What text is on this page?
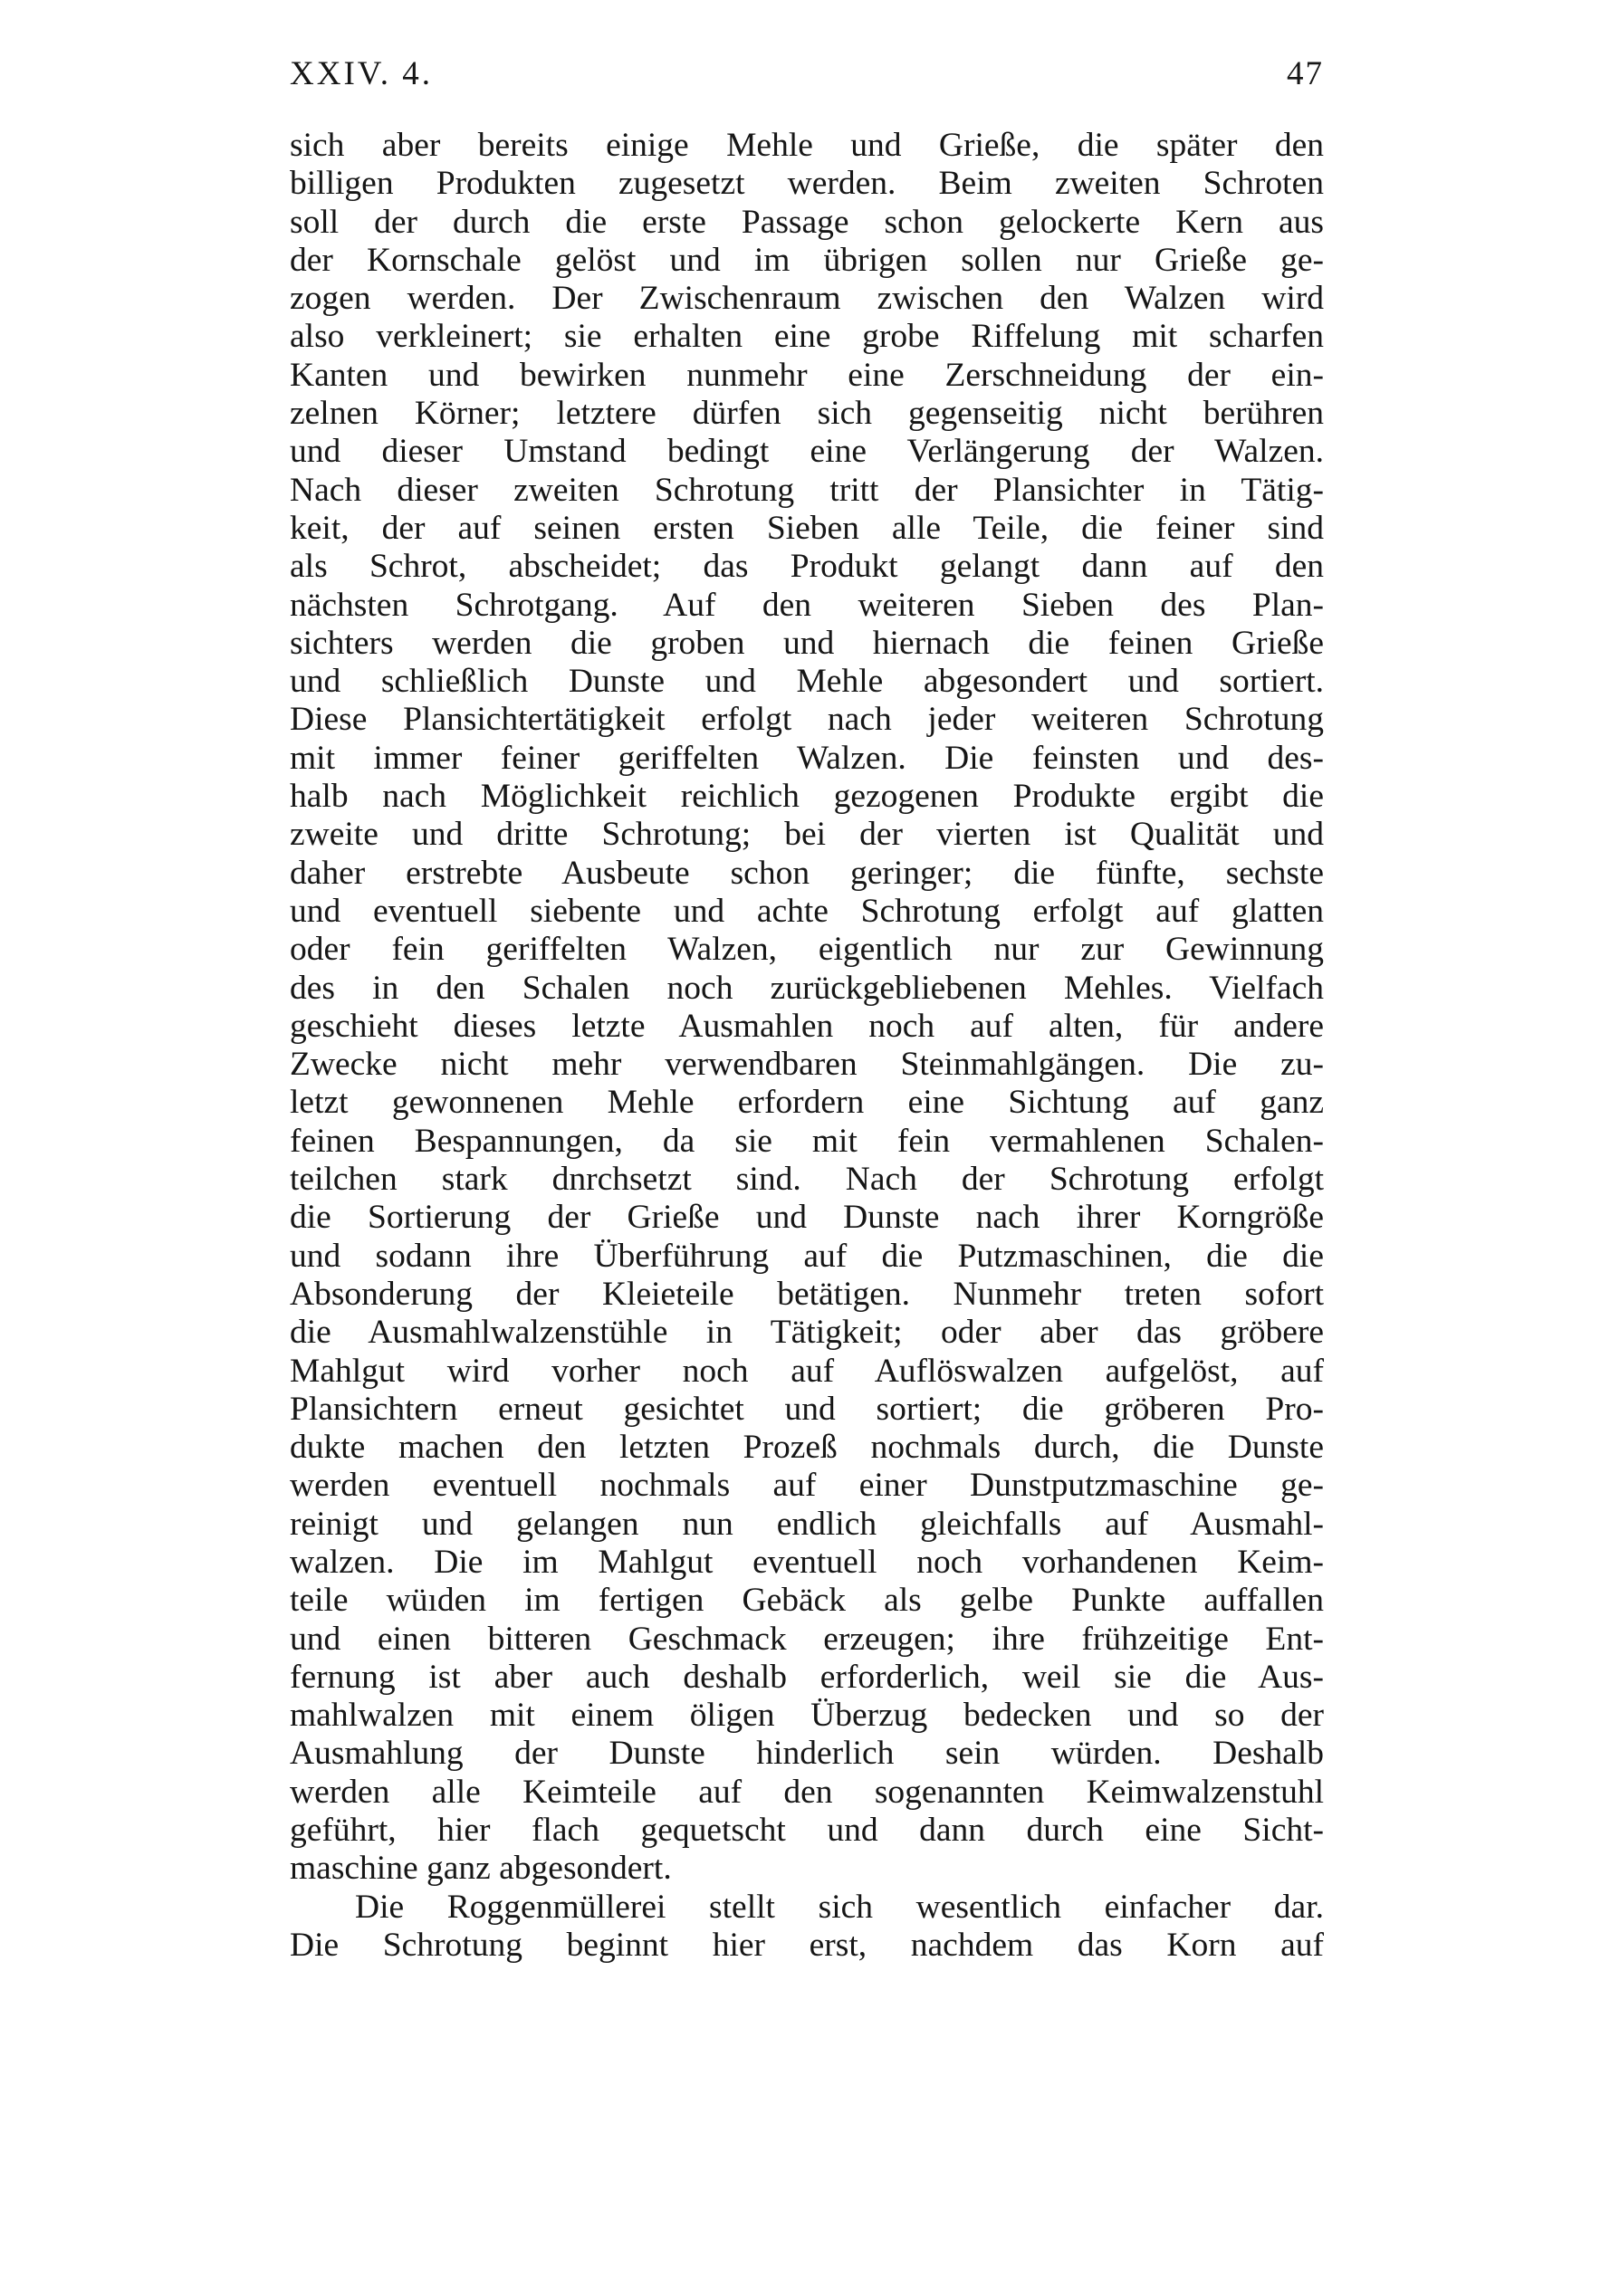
XXIV. 4.	47
sich aber bereits einige Mehle und Grieße, die später den
billigen Produkten zugesetzt werden. Beim zweiten Schroten
soll der durch die erste Passage schon gelockerte Kern aus
der Kornschale gelöst und im übrigen sollen nur Grieße ge-
zogen werden. Der Zwischenraum zwischen den Walzen wird
also verkleinert; sie erhalten eine grobe Riffelung mit scharfen
Kanten und bewirken nunmehr eine Zerschneidung der ein-
zelnen Körner; letztere dürfen sich gegenseitig nicht berühren
und dieser Umstand bedingt eine Verlängerung der Walzen.
Nach dieser zweiten Schrotung tritt der Plansichter in Tätig-
keit, der auf seinen ersten Sieben alle Teile, die feiner sind
als Schrot, abscheidet; das Produkt gelangt dann auf den
nächsten Schrotgang. Auf den weiteren Sieben des Plan-
sichters werden die groben und hiernach die feinen Grieße
und schließlich Dunste und Mehle abgesondert und sortiert.
Diese Plansichtertätigkeit erfolgt nach jeder weiteren Schrotung
mit immer feiner geriffelten Walzen. Die feinsten und des-
halb nach Möglichkeit reichlich gezogenen Produkte ergibt die
zweite und dritte Schrotung; bei der vierten ist Qualität und
daher erstrebte Ausbeute schon geringer; die fünfte, sechste
und eventuell siebente und achte Schrotung erfolgt auf glatten
oder fein geriffelten Walzen, eigentlich nur zur Gewinnung
des in den Schalen noch zurückgebliebenen Mehles. Vielfach
geschieht dieses letzte Ausmahlen noch auf alten, für andere
Zwecke nicht mehr verwendbaren Steinmahlgängen. Die zu-
letzt gewonnenen Mehle erfordern eine Sichtung auf ganz
feinen Bespannungen, da sie mit fein vermahlenen Schalen-
teilchen stark dnrchsetzt sind. Nach der Schrotung erfolgt
die Sortierung der Grieße und Dunste nach ihrer Korngröße
und sodann ihre Überführung auf die Putzmaschinen, die die
Absonderung der Kleieteile betätigen. Nunmehr treten sofort
die Ausmahlwalzenstühle in Tätigkeit; oder aber das gröbere
Mahlgut wird vorher noch auf Auflöswalzen aufgelöst, auf
Plansichtern erneut gesichtet und sortiert; die gröberen Pro-
dukte machen den letzten Prozeß nochmals durch, die Dunste
werden eventuell nochmals auf einer Dunstputzmaschine ge-
reinigt und gelangen nun endlich gleichfalls auf Ausmahl-
walzen. Die im Mahlgut eventuell noch vorhandenen Keim-
teile wüıden im fertigen Gebäck als gelbe Punkte auffallen
und einen bitteren Geschmack erzeugen; ihre frühzeitige Ent-
fernung ist aber auch deshalb erforderlich, weil sie die Aus-
mahlwalzen mit einem öligen Überzug bedecken und so der
Ausmahlung der Dunste hinderlich sein würden. Deshalb
werden alle Keimteile auf den sogenannten Keimwalzenstuhl
geführt, hier flach gequetscht und dann durch eine Sicht-
maschine ganz abgesondert.
Die Roggenmüllerei stellt sich wesentlich einfacher dar.
Die Schrotung beginnt hier erst, nachdem das Korn auf
